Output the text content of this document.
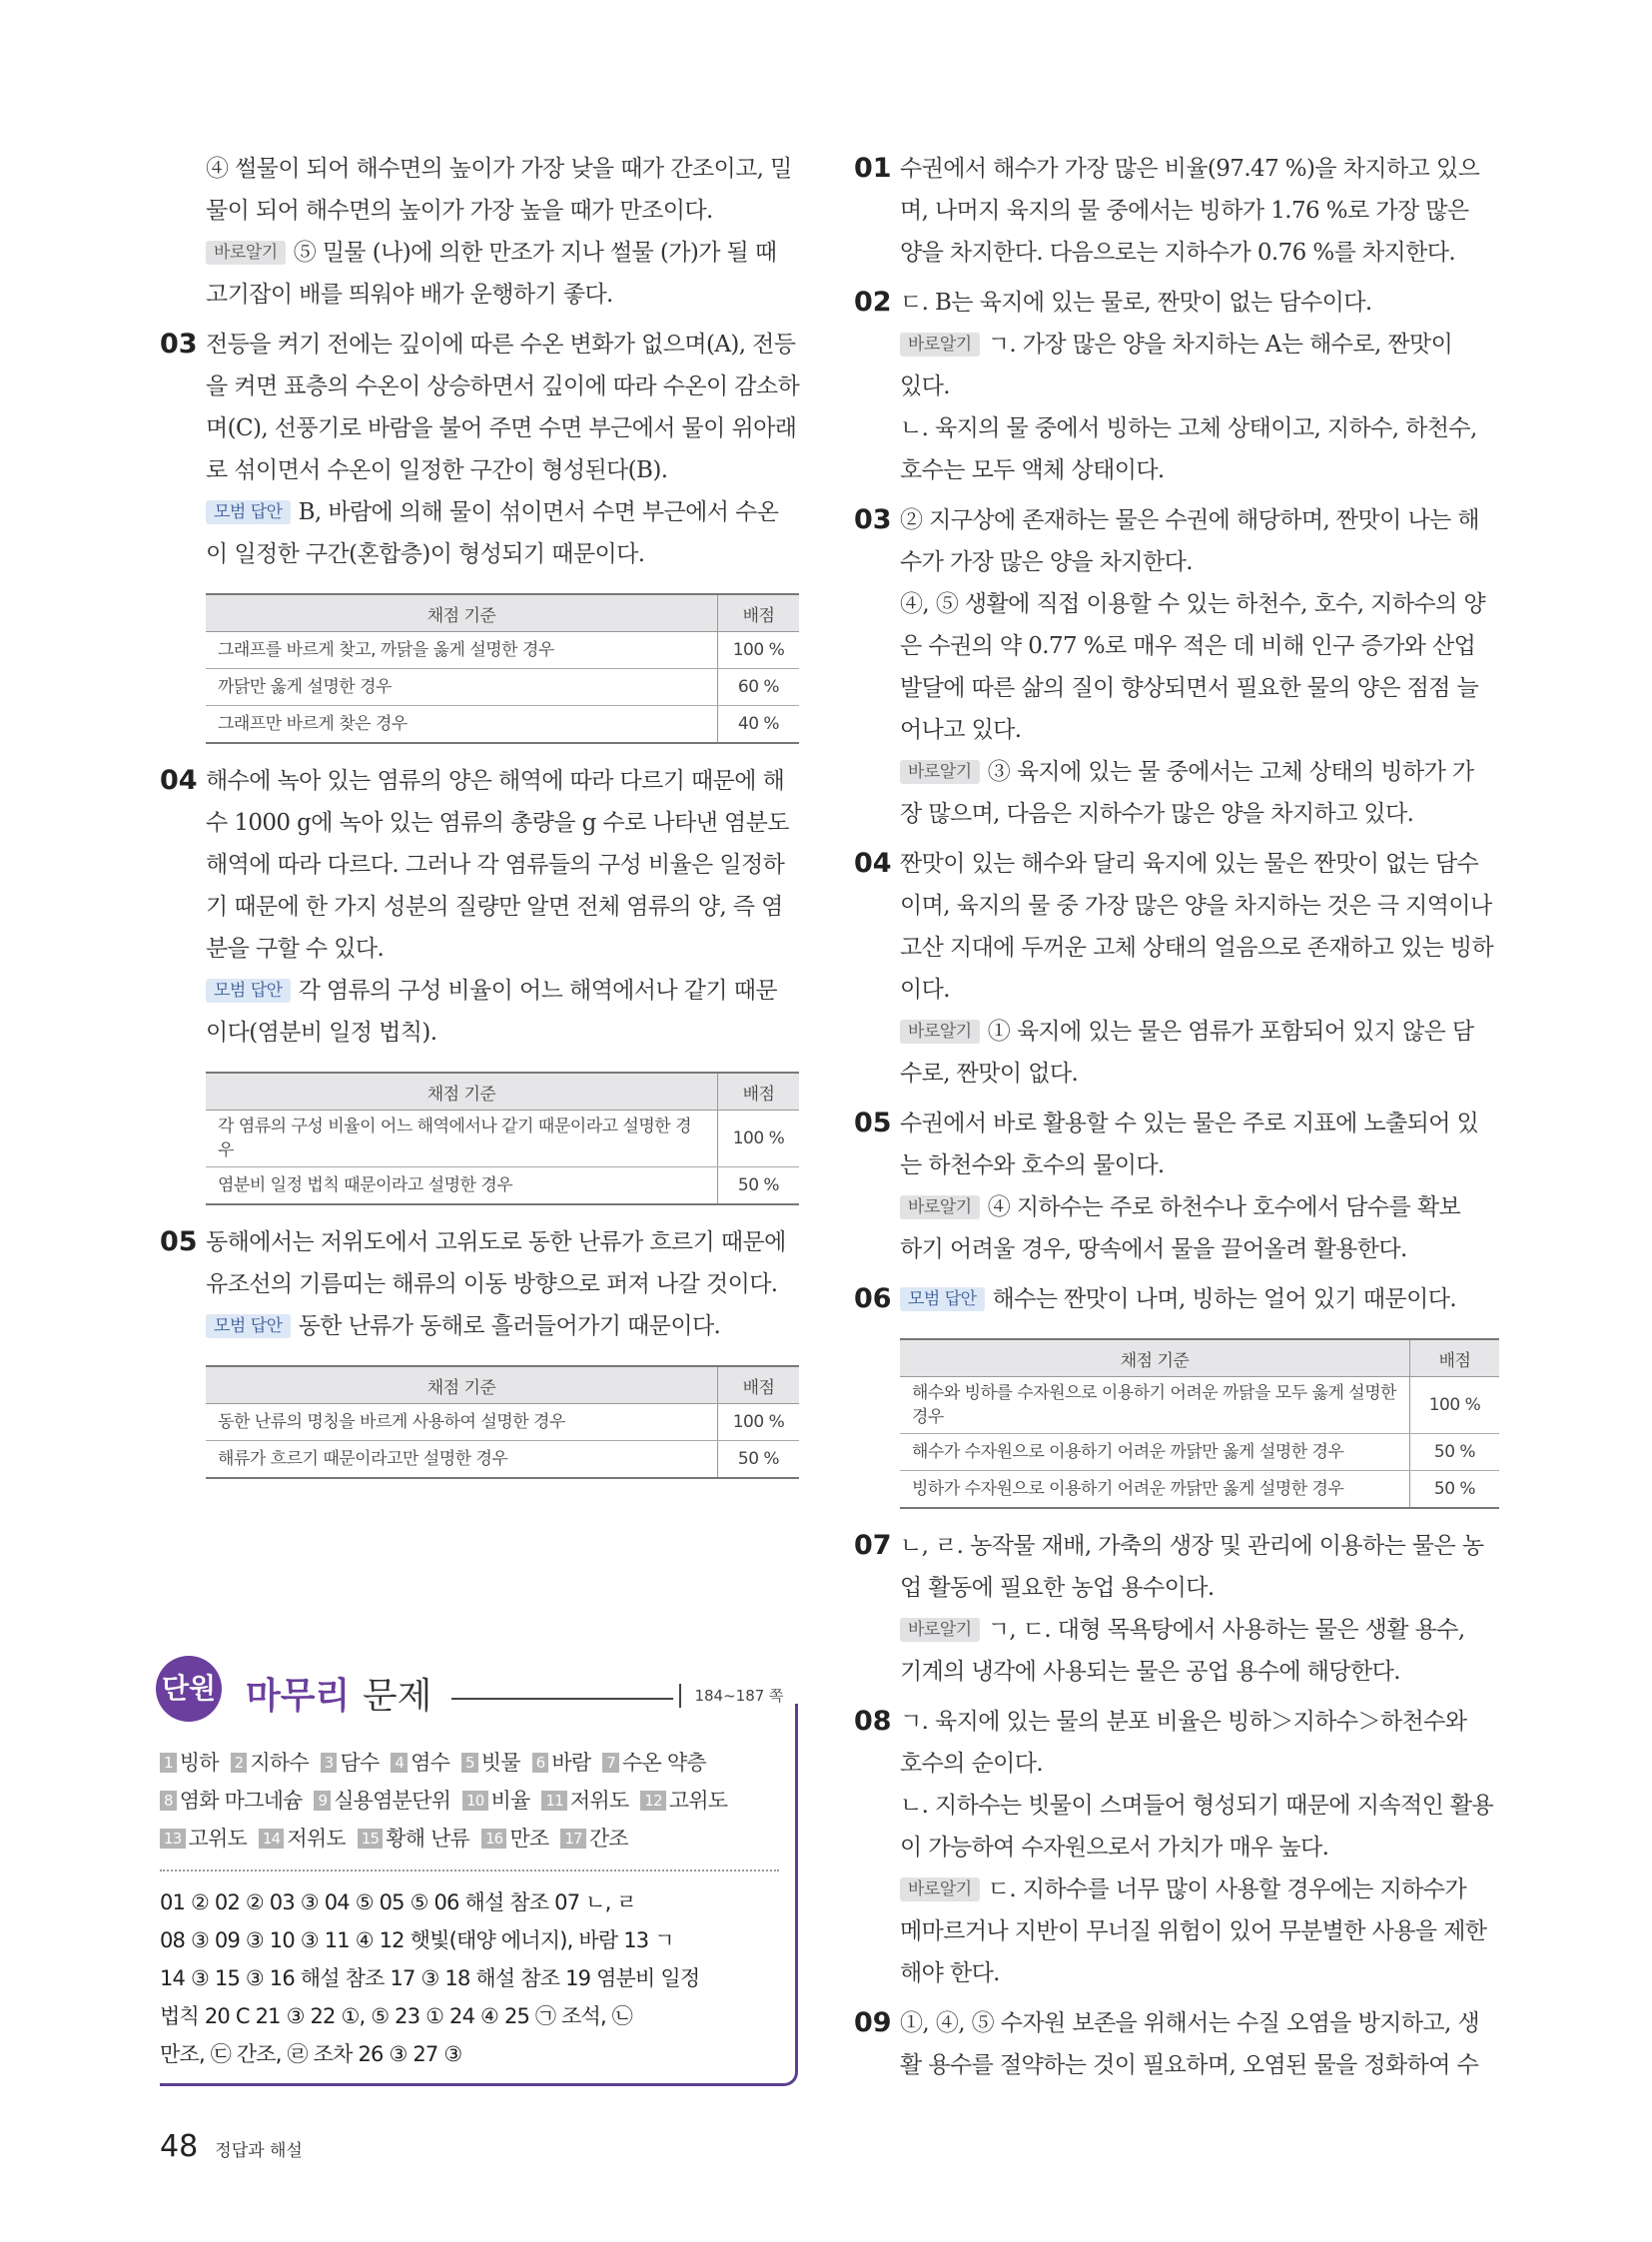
④ 썰물이 되어 해수면의 높이가 가장 낮을 때가 간조이고, 밀
물이 되어 해수면의 높이가 가장 높을 때가 만조이다.
바로알기 ⑤ 밀물 (나)에 의한 만조가 지나 썰물 (가)가 될 때
고기잡이 배를 띄워야 배가 운행하기 좋다.
03 전등을 켜기 전에는 깊이에 따른 수온 변화가 없으며(A), 전등
을 켜면 표층의 수온이 상승하면서 깊이에 따라 수온이 감소하
며(C), 선풍기로 바람을 불어 주면 수면 부근에서 물이 위아래
로 섞이면서 수온이 일정한 구간이 형성된다(B).
모범 답안 B, 바람에 의해 물이 섞이면서 수면 부근에서 수온
이 일정한 구간(혼합층)이 형성되기 때문이다.
채점 기준	배점
그래프를 바르게 찾고, 까닭을 옳게 설명한 경우	100 %
까닭만 옳게 설명한 경우	60 %
그래프만 바르게 찾은 경우	40 %
04 해수에 녹아 있는 염류의 양은 해역에 따라 다르기 때문에 해
수 1000 g에 녹아 있는 염류의 총량을 g 수로 나타낸 염분도
해역에 따라 다르다. 그러나 각 염류들의 구성 비율은 일정하
기 때문에 한 가지 성분의 질량만 알면 전체 염류의 양, 즉 염
분을 구할 수 있다.
모범 답안 각 염류의 구성 비율이 어느 해역에서나 같기 때문
이다(염분비 일정 법칙).
채점 기준	배점
각 염류의 구성 비율이 어느 해역에서나 같기 때문이라고 설명한 경우	100 %
염분비 일정 법칙 때문이라고 설명한 경우	50 %
05 동해에서는 저위도에서 고위도로 동한 난류가 흐르기 때문에
유조선의 기름띠는 해류의 이동 방향으로 퍼져 나갈 것이다.
모범 답안 동한 난류가 동해로 흘러들어가기 때문이다.
채점 기준	배점
동한 난류의 명칭을 바르게 사용하여 설명한 경우	100 %
해류가 흐르기 때문이라고만 설명한 경우	50 %
단원 마무리 문제	184~187 쪽
1 빙하 2 지하수 3 담수 4 염수 5 빗물 6 바람 7 수온 약층
8 염화 마그네슘 9 실용염분단위 10 비율 11 저위도 12 고위도
13 고위도 14 저위도 15 황해 난류 16 만조 17 간조
01 ② 02 ② 03 ③ 04 ⑤ 05 ⑤ 06 해설 참조 07 ㄴ, ㄹ
08 ③ 09 ③ 10 ③ 11 ④ 12 햇빛(태양 에너지), 바람 13 ㄱ
14 ③ 15 ③ 16 해설 참조 17 ③ 18 해설 참조 19 염분비 일정
법칙 20 C 21 ③ 22 ①, ⑤ 23 ① 24 ④ 25 ㉠ 조석, ㉡
만조, ㉢ 간조, ㉣ 조차 26 ③ 27 ③
01 수권에서 해수가 가장 많은 비율(97.47 %)을 차지하고 있으
며, 나머지 육지의 물 중에서는 빙하가 1.76 %로 가장 많은
양을 차지한다. 다음으로는 지하수가 0.76 %를 차지한다.
02 ㄷ. B는 육지에 있는 물로, 짠맛이 없는 담수이다.
바로알기 ㄱ. 가장 많은 양을 차지하는 A는 해수로, 짠맛이
있다.
ㄴ. 육지의 물 중에서 빙하는 고체 상태이고, 지하수, 하천수,
호수는 모두 액체 상태이다.
03 ② 지구상에 존재하는 물은 수권에 해당하며, 짠맛이 나는 해
수가 가장 많은 양을 차지한다.
④, ⑤ 생활에 직접 이용할 수 있는 하천수, 호수, 지하수의 양
은 수권의 약 0.77 %로 매우 적은 데 비해 인구 증가와 산업
발달에 따른 삶의 질이 향상되면서 필요한 물의 양은 점점 늘
어나고 있다.
바로알기 ③ 육지에 있는 물 중에서는 고체 상태의 빙하가 가
장 많으며, 다음은 지하수가 많은 양을 차지하고 있다.
04 짠맛이 있는 해수와 달리 육지에 있는 물은 짠맛이 없는 담수
이며, 육지의 물 중 가장 많은 양을 차지하는 것은 극 지역이나
고산 지대에 두꺼운 고체 상태의 얼음으로 존재하고 있는 빙하
이다.
바로알기 ① 육지에 있는 물은 염류가 포함되어 있지 않은 담
수로, 짠맛이 없다.
05 수권에서 바로 활용할 수 있는 물은 주로 지표에 노출되어 있
는 하천수와 호수의 물이다.
바로알기 ④ 지하수는 주로 하천수나 호수에서 담수를 확보
하기 어려울 경우, 땅속에서 물을 끌어올려 활용한다.
06 모범 답안 해수는 짠맛이 나며, 빙하는 얼어 있기 때문이다.
채점 기준	배점
해수와 빙하를 수자원으로 이용하기 어려운 까닭을 모두 옳게 설명한 경우	100 %
해수가 수자원으로 이용하기 어려운 까닭만 옳게 설명한 경우	50 %
빙하가 수자원으로 이용하기 어려운 까닭만 옳게 설명한 경우	50 %
07 ㄴ, ㄹ. 농작물 재배, 가축의 생장 및 관리에 이용하는 물은 농
업 활동에 필요한 농업 용수이다.
바로알기 ㄱ, ㄷ. 대형 목욕탕에서 사용하는 물은 생활 용수,
기계의 냉각에 사용되는 물은 공업 용수에 해당한다.
08 ㄱ. 육지에 있는 물의 분포 비율은 빙하＞지하수＞하천수와
호수의 순이다.
ㄴ. 지하수는 빗물이 스며들어 형성되기 때문에 지속적인 활용
이 가능하여 수자원으로서 가치가 매우 높다.
바로알기 ㄷ. 지하수를 너무 많이 사용할 경우에는 지하수가
메마르거나 지반이 무너질 위험이 있어 무분별한 사용을 제한
해야 한다.
09 ①, ④, ⑤ 수자원 보존을 위해서는 수질 오염을 방지하고, 생
활 용수를 절약하는 것이 필요하며, 오염된 물을 정화하여 수
48 정답과 해설
